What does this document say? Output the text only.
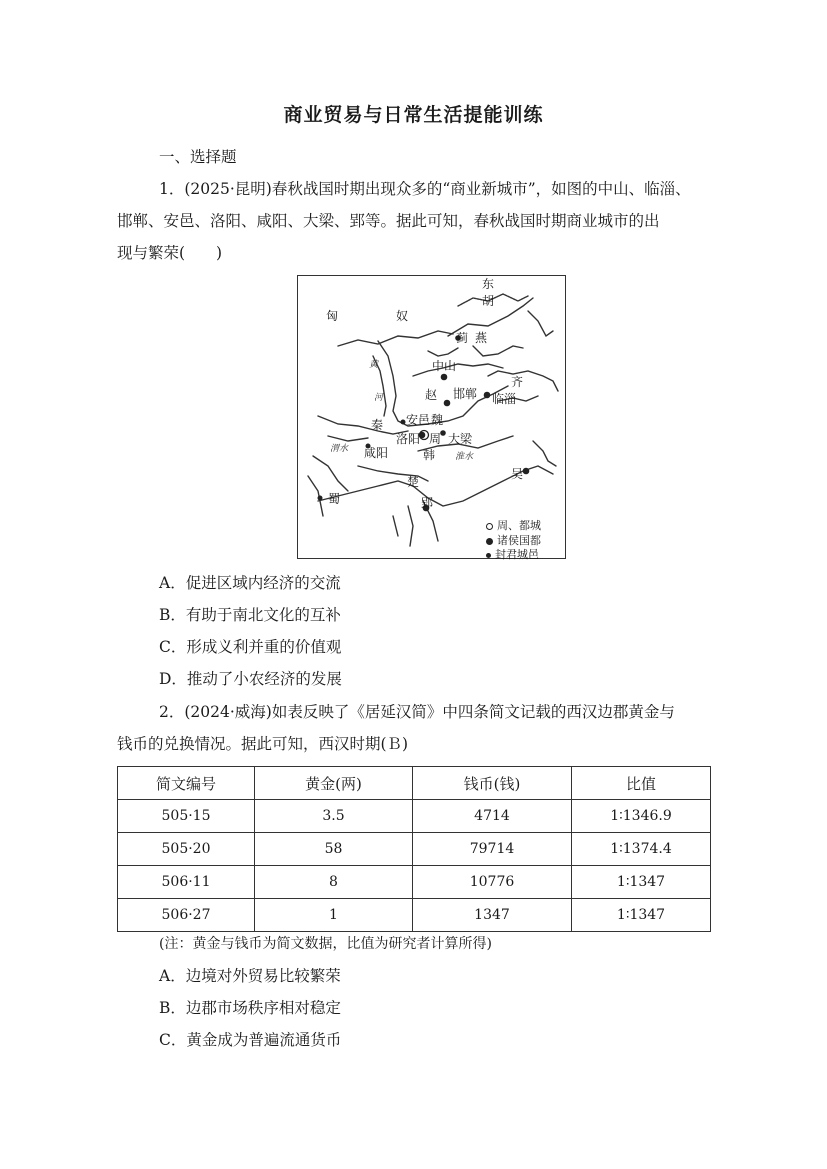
商业贸易与日常生活提能训练
一、选择题
1．(2025·昆明)春秋战国时期出现众多的“商业新城市”，如图的中山、临淄、
邯郸、安邑、洛阳、咸阳、大梁、郢等。据此可知，春秋战国时期商业城市的出
现与繁荣(　　)
东
胡
匈	奴
蓟 燕
中山
齐
赵 邯郸 临淄
安邑 魏
秦
洛阳 周 大梁
咸阳	韩
吴
楚
郢
蜀
黄
河
渭水
淮水
周、都城
诸侯国都
封君城邑
A．促进区域内经济的交流
B．有助于南北文化的互补
C．形成义利并重的价值观
D．推动了小农经济的发展
2．(2024·威海)如表反映了《居延汉简》中四条简文记载的西汉边郡黄金与
钱币的兑换情况。据此可知，西汉时期(Ｂ)
简文编号	黄金(两)	钱币(钱)	比值
505·15	3.5	4714	1∶1346.9
505·20	58	79714	1∶1374.4
506·11	8	10776	1∶1347
506·27	1	1347	1∶1347
(注：黄金与钱币为简文数据，比值为研究者计算所得)
A．边境对外贸易比较繁荣
B．边郡市场秩序相对稳定
C．黄金成为普遍流通货币
